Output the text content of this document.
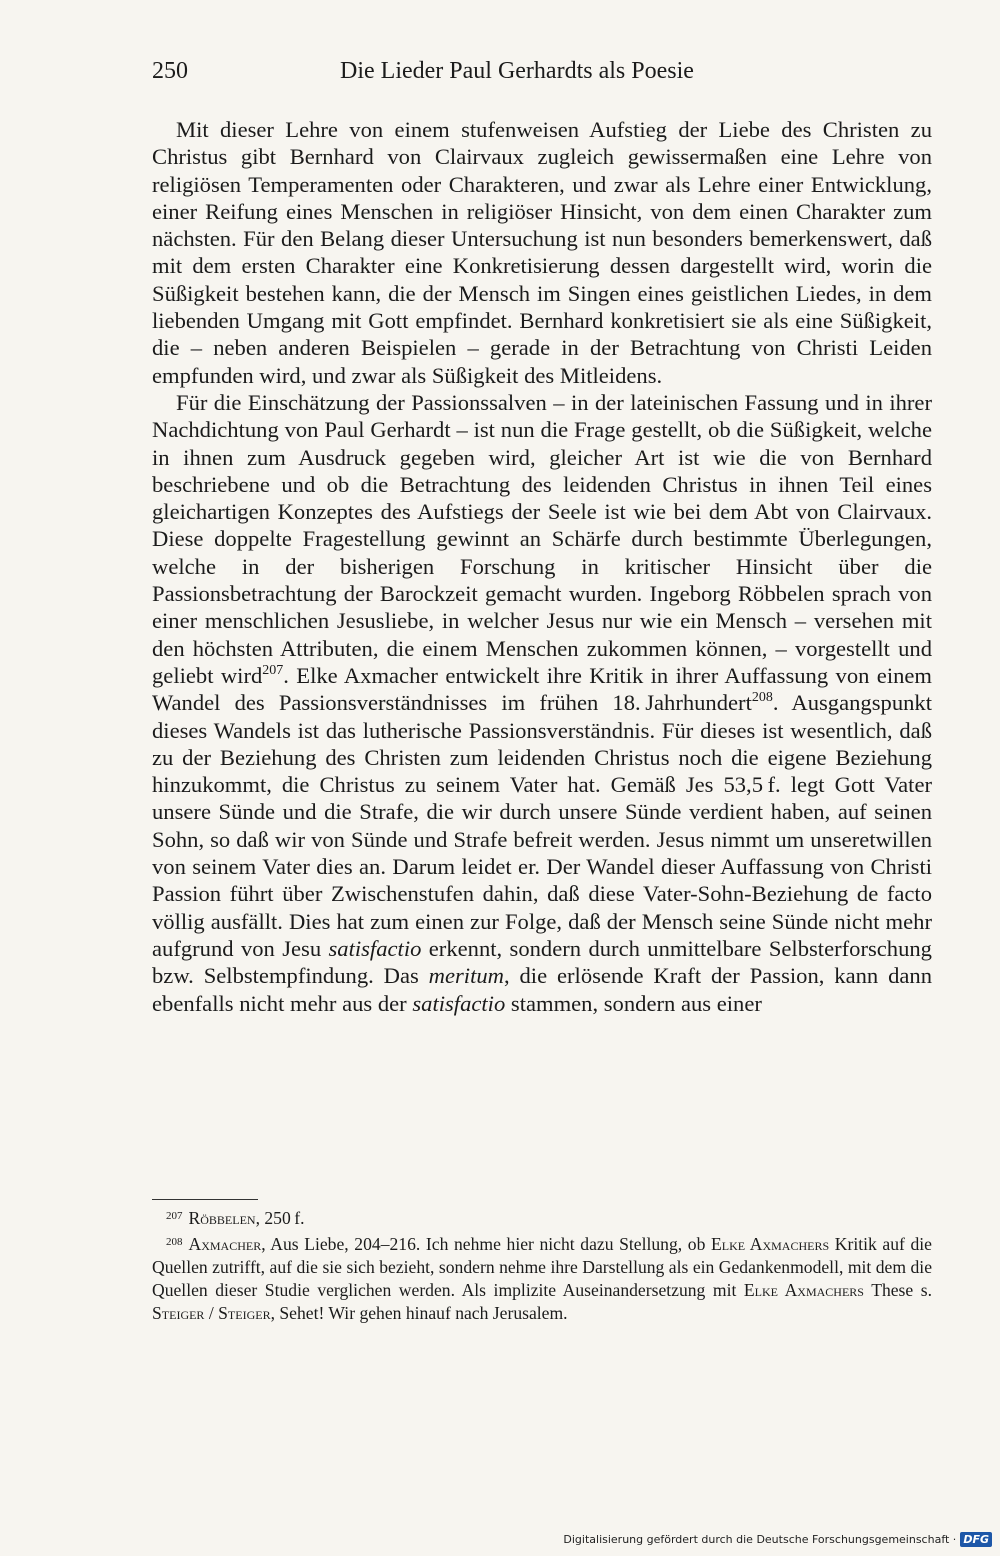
250	Die Lieder Paul Gerhardts als Poesie

Mit dieser Lehre von einem stufenweisen Aufstieg der Liebe des Christen zu Christus gibt Bernhard von Clairvaux zugleich gewissermaßen eine Lehre von religiösen Temperamenten oder Charakteren, und zwar als Lehre einer Entwicklung, einer Reifung eines Menschen in religiöser Hinsicht, von dem einen Charakter zum nächsten. Für den Belang dieser Untersuchung ist nun besonders bemerkenswert, daß mit dem ersten Charakter eine Konkretisierung dessen dargestellt wird, worin die Süßigkeit bestehen kann, die der Mensch im Singen eines geistlichen Liedes, in dem liebenden Umgang mit Gott empfindet. Bernhard konkretisiert sie als eine Süßigkeit, die – neben anderen Beispielen – gerade in der Betrachtung von Christi Leiden empfunden wird, und zwar als Süßigkeit des Mitleidens.

Für die Einschätzung der Passionssalven – in der lateinischen Fassung und in ihrer Nachdichtung von Paul Gerhardt – ist nun die Frage gestellt, ob die Süßigkeit, welche in ihnen zum Ausdruck gegeben wird, gleicher Art ist wie die von Bernhard beschriebene und ob die Betrachtung des leidenden Christus in ihnen Teil eines gleichartigen Konzeptes des Aufstiegs der Seele ist wie bei dem Abt von Clairvaux. Diese doppelte Fragestellung gewinnt an Schärfe durch bestimmte Überlegungen, welche in der bisherigen Forschung in kritischer Hinsicht über die Passionsbetrachtung der Barockzeit gemacht wurden. Ingeborg Röbbelen sprach von einer menschlichen Jesusliebe, in welcher Jesus nur wie ein Mensch – versehen mit den höchsten Attributen, die einem Menschen zukommen können, – vorgestellt und geliebt wird$^{207}$. Elke Axmacher entwickelt ihre Kritik in ihrer Auffassung von einem Wandel des Passionsverständnisses im frühen 18. Jahrhundert$^{208}$. Ausgangspunkt dieses Wandels ist das lutherische Passionsverständnis. Für dieses ist wesentlich, daß zu der Beziehung des Christen zum leidenden Christus noch die eigene Beziehung hinzukommt, die Christus zu seinem Vater hat. Gemäß Jes 53,5 f. legt Gott Vater unsere Sünde und die Strafe, die wir durch unsere Sünde verdient haben, auf seinen Sohn, so daß wir von Sünde und Strafe befreit werden. Jesus nimmt um unseretwillen von seinem Vater dies an. Darum leidet er. Der Wandel dieser Auffassung von Christi Passion führt über Zwischenstufen dahin, daß diese Vater-Sohn-Beziehung de facto völlig ausfällt. Dies hat zum einen zur Folge, daß der Mensch seine Sünde nicht mehr aufgrund von Jesu satisfactio erkennt, sondern durch unmittelbare Selbsterforschung bzw. Selbstempfindung. Das meritum, die erlösende Kraft der Passion, kann dann ebenfalls nicht mehr aus der satisfactio stammen, sondern aus einer

$^{207}$ Röbbelen, 250 f.

$^{208}$ Axmacher, Aus Liebe, 204–216. Ich nehme hier nicht dazu Stellung, ob Elke Axmachers Kritik auf die Quellen zutrifft, auf die sie sich bezieht, sondern nehme ihre Darstellung als ein Gedankenmodell, mit dem die Quellen dieser Studie verglichen werden. Als implizite Auseinandersetzung mit Elke Axmachers These s. Steiger / Steiger, Sehet! Wir gehen hinauf nach Jerusalem.

Digitalisierung gefördert durch die Deutsche Forschungsgemeinschaft · DFG
